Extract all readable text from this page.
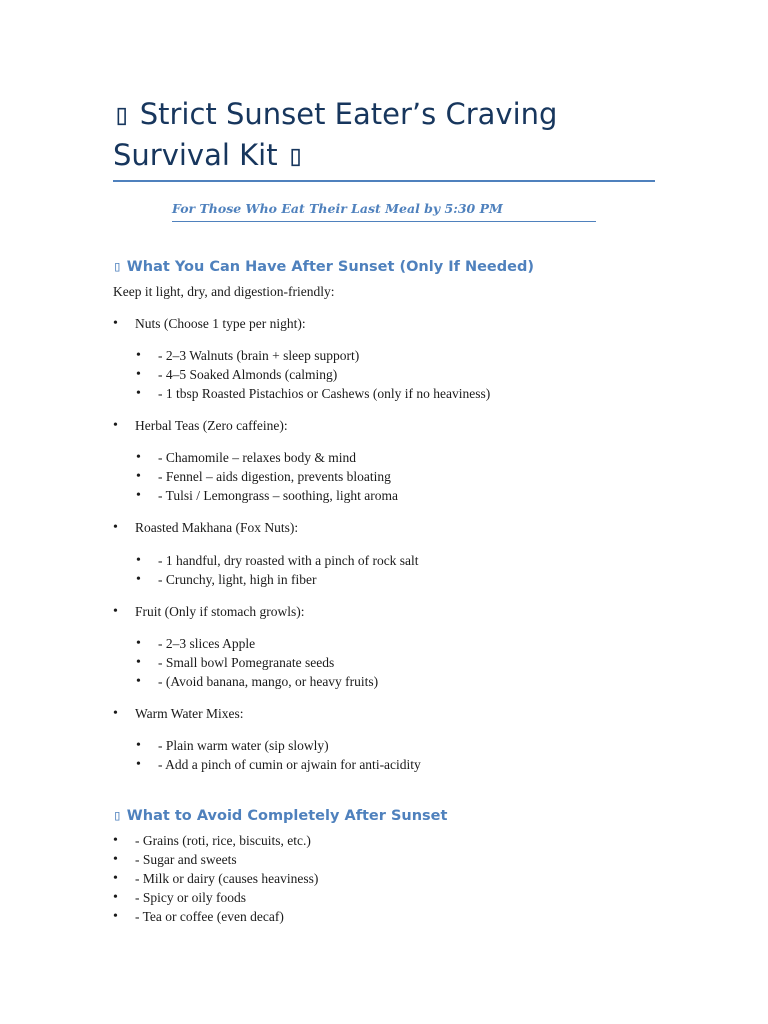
▯ Strict Sunset Eater’s Craving Survival Kit ▯
For Those Who Eat Their Last Meal by 5:30 PM
▯ What You Can Have After Sunset (Only If Needed)
Keep it light, dry, and digestion-friendly:
• Nuts (Choose 1 type per night):
• - 2–3 Walnuts (brain + sleep support)
• - 4–5 Soaked Almonds (calming)
• - 1 tbsp Roasted Pistachios or Cashews (only if no heaviness)
• Herbal Teas (Zero caffeine):
• - Chamomile – relaxes body & mind
• - Fennel – aids digestion, prevents bloating
• - Tulsi / Lemongrass – soothing, light aroma
• Roasted Makhana (Fox Nuts):
• - 1 handful, dry roasted with a pinch of rock salt
• - Crunchy, light, high in fiber
• Fruit (Only if stomach growls):
• - 2–3 slices Apple
• - Small bowl Pomegranate seeds
• - (Avoid banana, mango, or heavy fruits)
• Warm Water Mixes:
• - Plain warm water (sip slowly)
• - Add a pinch of cumin or ajwain for anti-acidity
▯ What to Avoid Completely After Sunset
• - Grains (roti, rice, biscuits, etc.)
• - Sugar and sweets
• - Milk or dairy (causes heaviness)
• - Spicy or oily foods
• - Tea or coffee (even decaf)
